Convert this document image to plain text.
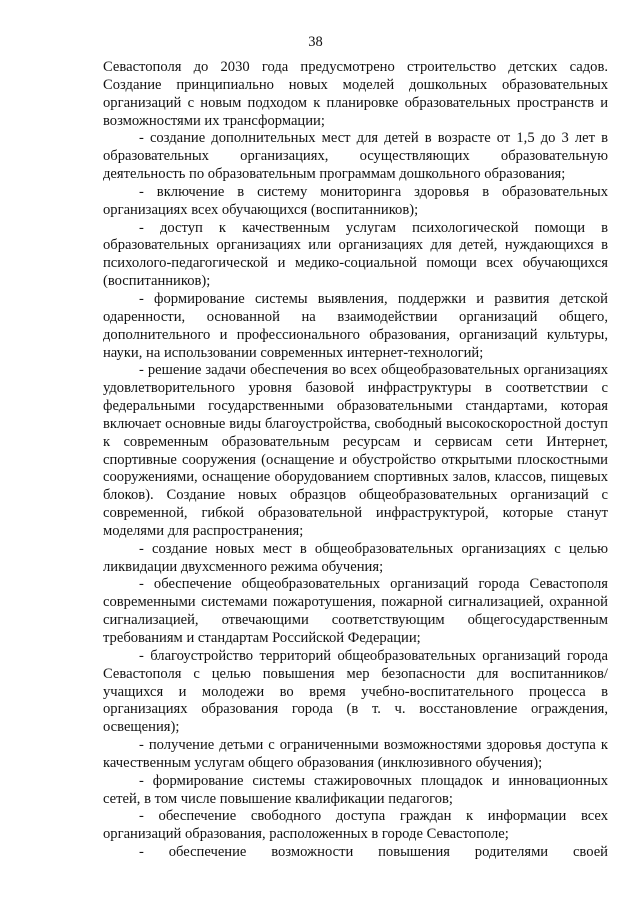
38

Севастополя до 2030 года предусмотрено строительство детских садов. Создание принципиально новых моделей дошкольных образовательных организаций с новым подходом к планировке образовательных пространств и возможностями их трансформации;

- создание дополнительных мест для детей в возрасте от 1,5 до 3 лет в образовательных организациях, осуществляющих образовательную деятельность по образовательным программам дошкольного образования;

- включение в систему мониторинга здоровья в образовательных организациях всех обучающихся (воспитанников);

- доступ к качественным услугам психологической помощи в образовательных организациях или организациях для детей, нуждающихся в психолого-педагогической и медико-социальной помощи всех обучающихся (воспитанников);

- формирование системы выявления, поддержки и развития детской одаренности, основанной на взаимодействии организаций общего, дополнительного и профессионального образования, организаций культуры, науки, на использовании современных интернет-технологий;

- решение задачи обеспечения во всех общеобразовательных организациях удовлетворительного уровня базовой инфраструктуры в соответствии с федеральными государственными образовательными стандартами, которая включает основные виды благоустройства, свободный высокоскоростной доступ к современным образовательным ресурсам и сервисам сети Интернет, спортивные сооружения (оснащение и обустройство открытыми плоскостными сооружениями, оснащение оборудованием спортивных залов, классов, пищевых блоков). Создание новых образцов общеобразовательных организаций с современной, гибкой образовательной инфраструктурой, которые станут моделями для распространения;

- создание новых мест в общеобразовательных организациях с целью ликвидации двухсменного режима обучения;

- обеспечение общеобразовательных организаций города Севастополя современными системами пожаротушения, пожарной сигнализацией, охранной сигнализацией, отвечающими соответствующим общегосударственным требованиям и стандартам Российской Федерации;

- благоустройство территорий общеобразовательных организаций города Севастополя с целью повышения мер безопасности для воспитанников/учащихся и молодежи во время учебно-воспитательного процесса в организациях образования города (в т. ч. восстановление ограждения, освещения);

- получение детьми с ограниченными возможностями здоровья доступа к качественным услугам общего образования (инклюзивного обучения);

- формирование системы стажировочных площадок и инновационных сетей, в том числе повышение квалификации педагогов;

- обеспечение свободного доступа граждан к информации всех организаций образования, расположенных в городе Севастополе;

- обеспечение возможности повышения родителями своей
